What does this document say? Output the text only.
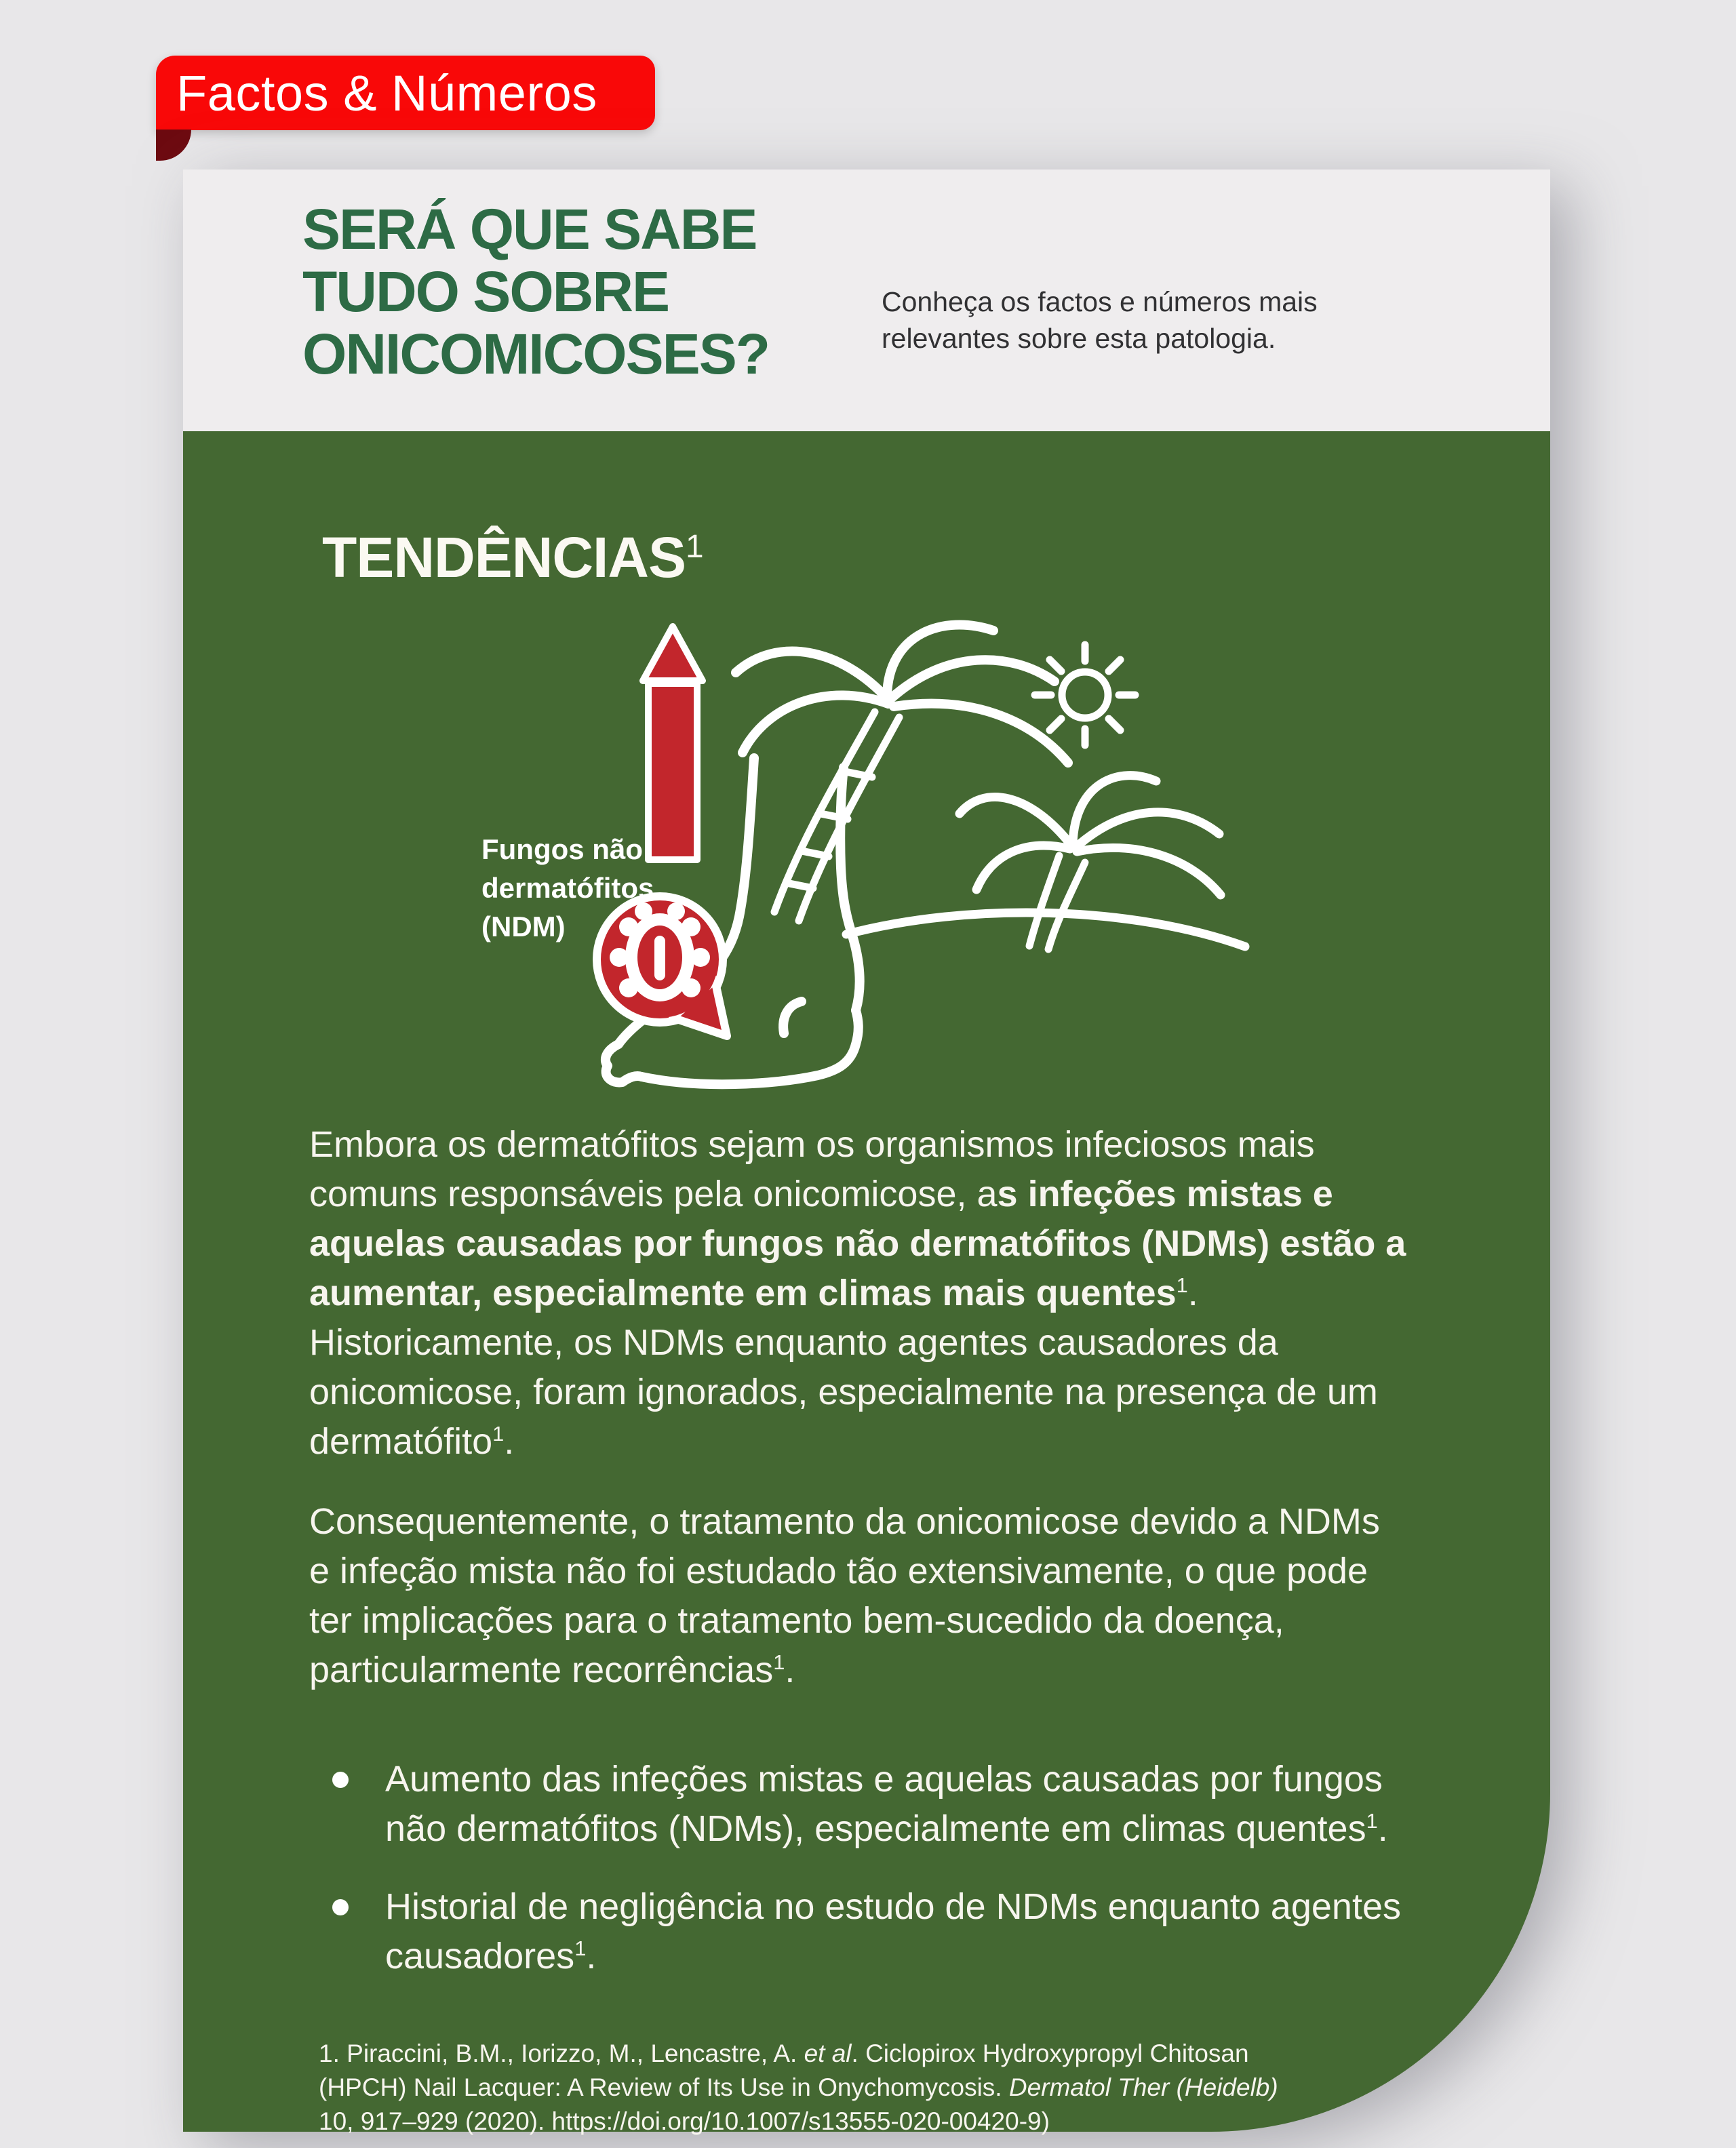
Factos & Números
SERÁ QUE SABE
TUDO SOBRE
ONICOMICOSES?
Conheça os factos e números mais relevantes sobre esta patologia.
TENDÊNCIAS$^1$
Fungos não
dermatófitos
(NDM)
Embora os dermatófitos sejam os organismos infeciosos mais comuns responsáveis pela onicomicose, as infeções mistas e aquelas causadas por fungos não dermatófitos (NDMs) estão a aumentar, especialmente em climas mais quentes$^1$. Historicamente, os NDMs enquanto agentes causadores da onicomicose, foram ignorados, especialmente na presença de um dermatófito$^1$.
Consequentemente, o tratamento da onicomicose devido a NDMs e infeção mista não foi estudado tão extensivamente, o que pode ter implicações para o tratamento bem-sucedido da doença, particularmente recorrências$^1$.
Aumento das infeções mistas e aquelas causadas por fungos não dermatófitos (NDMs), especialmente em climas quentes$^1$.
Historial de negligência no estudo de NDMs enquanto agentes causadores$^1$.
1. Piraccini, B.M., Iorizzo, M., Lencastre, A. et al. Ciclopirox Hydroxypropyl Chitosan (HPCH) Nail Lacquer: A Review of Its Use in Onychomycosis. Dermatol Ther (Heidelb) 10, 917–929 (2020). https://doi.org/10.1007/s13555-020-00420-9)
